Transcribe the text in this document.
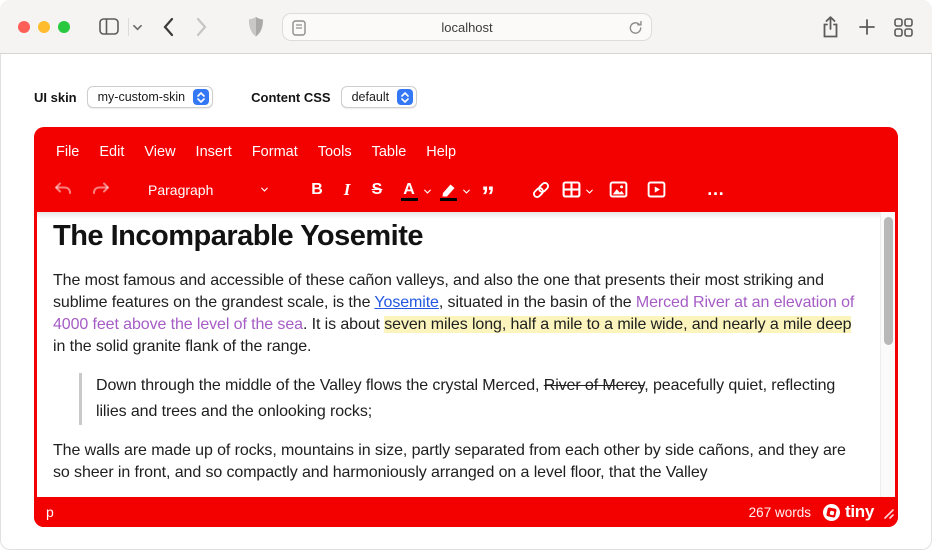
localhost
UI skin my-custom-skin	Content CSS default
File	Edit	View	Insert	Format	Tools	Table	Help
Paragraph	B	I	S	A	”	…
The Incomparable Yosemite

The most famous and accessible of these cañon valleys, and also the one that presents their most striking and sublime features on the grandest scale, is the Yosemite, situated in the basin of the Merced River at an elevation of 4000 feet above the level of the sea. It is about seven miles long, half a mile to a mile wide, and nearly a mile deep in the solid granite flank of the range.

Down through the middle of the Valley flows the crystal Merced, River of Mercy, peacefully quiet, reflecting lilies and trees and the onlooking rocks;

The walls are made up of rocks, mountains in size, partly separated from each other by side cañons, and they are so sheer in front, and so compactly and harmoniously arranged on a level floor, that the Valley

p	267 words tiny
